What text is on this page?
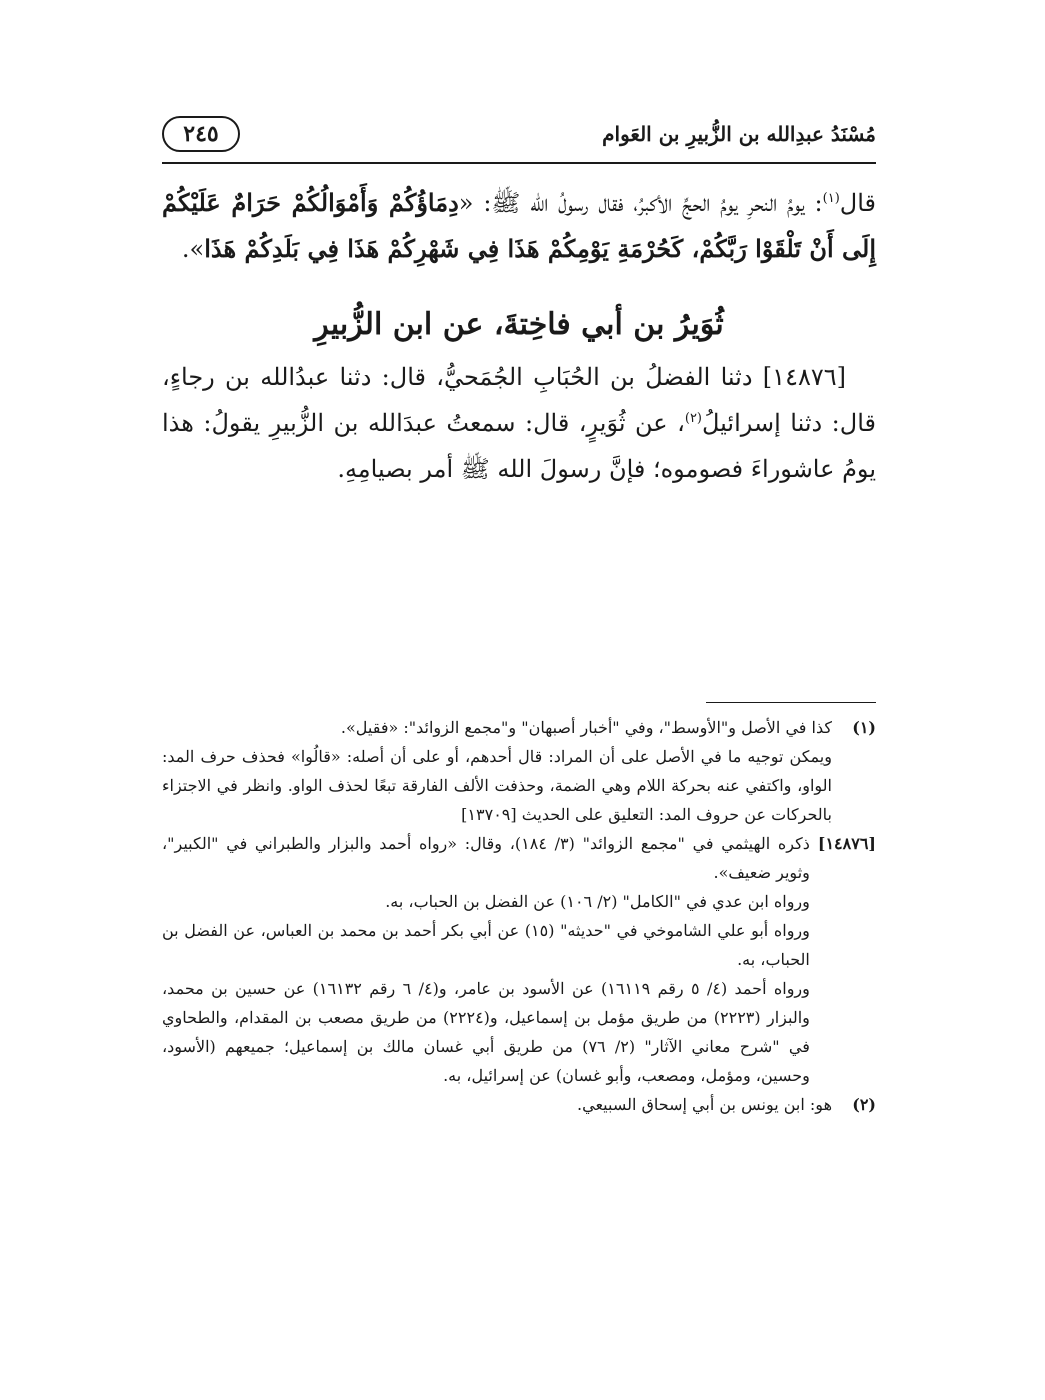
مُسْنَدُ عبدِالله بن الزُّبيرِ بن العَوام
٢٤٥

قال$^{(١)}$: يومُ النحرِ يومُ الحجِّ الأكبرُ، فقال رسولُ الله ﷺ: «دِمَاؤُكُمْ وَأَمْوَالُكُمْ حَرَامٌ عَلَيْكُمْ إِلَى أَنْ تَلْقَوْا رَبَّكُمْ، كَحُرْمَةِ يَوْمِكُمْ هَذَا فِي شَهْرِكُمْ هَذَا فِي بَلَدِكُمْ هَذَا».

ثُوَيرُ بن أبي فاخِتةَ، عن ابن الزُّبيرِ

[١٤٨٧٦] دثنا الفضلُ بن الحُبَابِ الجُمَحيُّ، قال: دثنا عبدُالله بن رجاءٍ، قال: دثنا إسرائيلُ$^{(٢)}$، عن ثُوَيرٍ، قال: سمعتُ عبدَالله بن الزُّبيرِ يقولُ: هذا يومُ عاشوراءَ فصوموه؛ فإنَّ رسولَ الله ﷺ أمر بصيامِهِ.

(١)

كذا في الأصل و"الأوسط"، وفي "أخبار أصبهان" و"مجمع الزوائد": «فقيل».

ويمكن توجيه ما في الأصل على أن المراد: قال أحدهم، أو على أن أصله: «قالُوا» فحذف حرف المد: الواو، واكتفي عنه بحركة اللام وهي الضمة، وحذفت الألف الفارقة تبعًا لحذف الواو. وانظر في الاجتزاء بالحركات عن حروف المد: التعليق على الحديث [١٣٧٠٩]

[١٤٨٧٦]

ذكره الهيثمي في "مجمع الزوائد" (٣/ ١٨٤)، وقال: «رواه أحمد والبزار والطبراني في "الكبير"، وثوير ضعيف».

ورواه ابن عدي في "الكامل" (٢/ ١٠٦) عن الفضل بن الحباب، به.

ورواه أبو علي الشاموخي في "حديثه" (١٥) عن أبي بكر أحمد بن محمد بن العباس، عن الفضل بن الحباب، به.

ورواه أحمد (٤/ ٥ رقم ١٦١١٩) عن الأسود بن عامر، و(٤/ ٦ رقم ١٦١٣٢) عن حسين بن محمد، والبزار (٢٢٢٣) من طريق مؤمل بن إسماعيل، و(٢٢٢٤) من طريق مصعب بن المقدام، والطحاوي في "شرح معاني الآثار" (٢/ ٧٦) من طريق أبي غسان مالك بن إسماعيل؛ جميعهم (الأسود، وحسين، ومؤمل، ومصعب، وأبو غسان) عن إسرائيل، به.

(٢)

هو: ابن يونس بن أبي إسحاق السبيعي.
